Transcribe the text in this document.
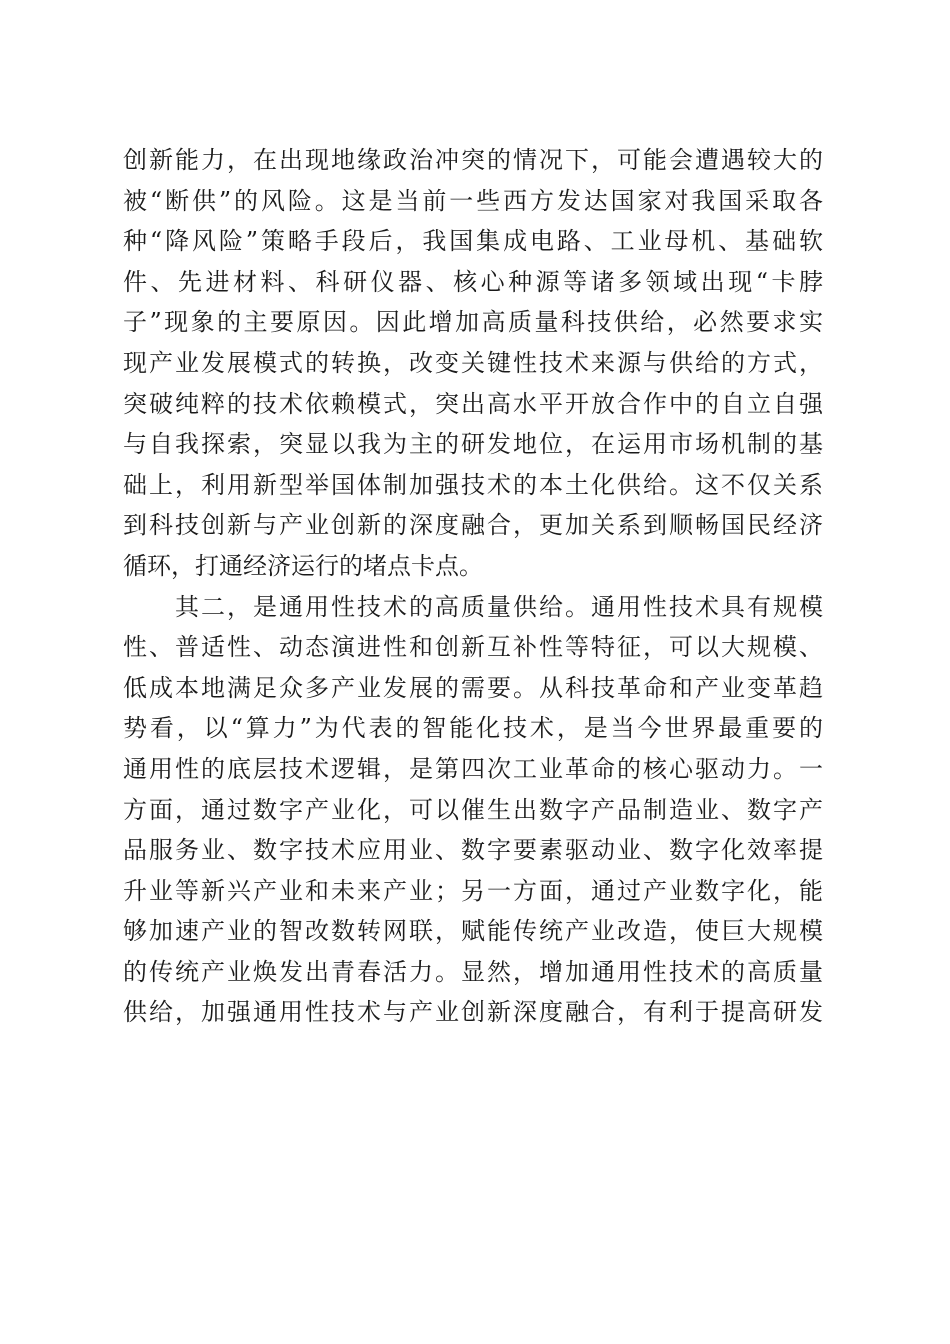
创新能力，在出现地缘政治冲突的情况下，可能会遭遇较大的
被“断供”的风险。这是当前一些西方发达国家对我国采取各
种“降风险”策略手段后，我国集成电路、工业母机、基础软
件、先进材料、科研仪器、核心种源等诸多领域出现“卡脖
子”现象的主要原因。因此增加高质量科技供给，必然要求实
现产业发展模式的转换，改变关键性技术来源与供给的方式，
突破纯粹的技术依赖模式，突出高水平开放合作中的自立自强
与自我探索，突显以我为主的研发地位，在运用市场机制的基
础上，利用新型举国体制加强技术的本土化供给。这不仅关系
到科技创新与产业创新的深度融合，更加关系到顺畅国民经济
循环，打通经济运行的堵点卡点。
　　其二，是通用性技术的高质量供给。通用性技术具有规模
性、普适性、动态演进性和创新互补性等特征，可以大规模、
低成本地满足众多产业发展的需要。从科技革命和产业变革趋
势看，以“算力”为代表的智能化技术，是当今世界最重要的
通用性的底层技术逻辑，是第四次工业革命的核心驱动力。一
方面，通过数字产业化，可以催生出数字产品制造业、数字产
品服务业、数字技术应用业、数字要素驱动业、数字化效率提
升业等新兴产业和未来产业；另一方面，通过产业数字化，能
够加速产业的智改数转网联，赋能传统产业改造，使巨大规模
的传统产业焕发出青春活力。显然，增加通用性技术的高质量
供给，加强通用性技术与产业创新深度融合，有利于提高研发
